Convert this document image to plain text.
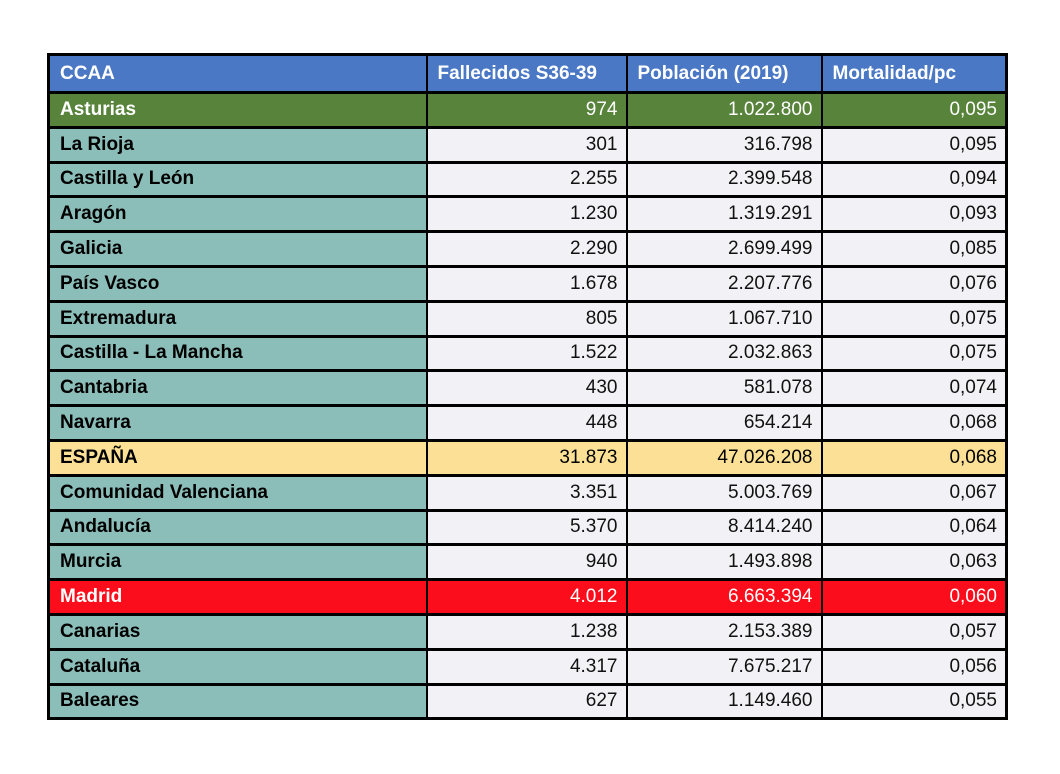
CCAA	Fallecidos S36-39	Población (2019)	Mortalidad/pc
Asturias	974	1.022.800	0,095
La Rioja	301	316.798	0,095
Castilla y León	2.255	2.399.548	0,094
Aragón	1.230	1.319.291	0,093
Galicia	2.290	2.699.499	0,085
País Vasco	1.678	2.207.776	0,076
Extremadura	805	1.067.710	0,075
Castilla - La Mancha	1.522	2.032.863	0,075
Cantabria	430	581.078	0,074
Navarra	448	654.214	0,068
ESPAÑA	31.873	47.026.208	0,068
Comunidad Valenciana	3.351	5.003.769	0,067
Andalucía	5.370	8.414.240	0,064
Murcia	940	1.493.898	0,063
Madrid	4.012	6.663.394	0,060
Canarias	1.238	2.153.389	0,057
Cataluña	4.317	7.675.217	0,056
Baleares	627	1.149.460	0,055
